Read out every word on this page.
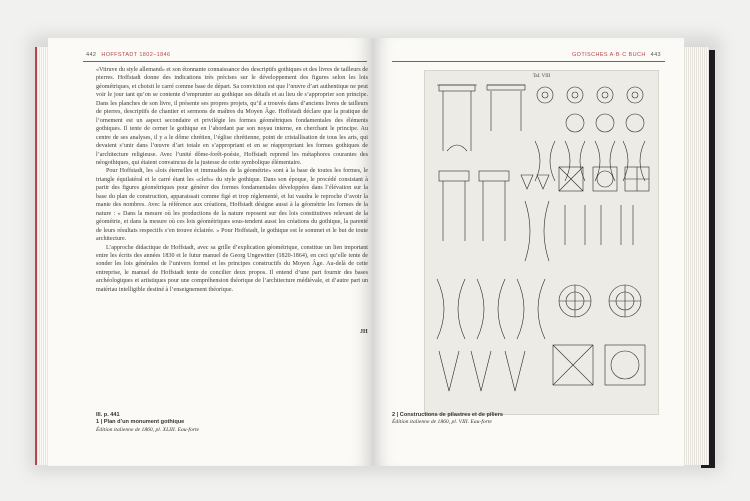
442 HOFFSTADT 1802–1846	GOTISCHES A·B·C BUCH 443

«Vitruve du style allemand» et son étonnante connaissance des descriptifs gothiques et des livres de tailleurs de pierres. Hoffstadt donne des indications très précises sur le développement des figures selon les lois géométriques, et choisit le carré comme base de départ. Sa conviction est que l’œuvre d’art authentique ne peut voir le jour tant qu’on se contente d’emprunter au gothique ses détails et au lieu de s’approprier son principe. Dans les planches de son livre, il présente ses propres projets, qu’il a trouvés dans d’anciens livres de tailleurs de pierres, descriptifs de chantier et sermons de maîtres du Moyen Âge. Hoffstadt déclare que la pratique de l’ornement est un aspect secondaire et privilégie les formes géométriques fondamentales des éléments gothiques. Il tente de cerner le gothique en l’abordant par son noyau interne, en cherchant le principe. Au centre de ses analyses, il y a le dôme chrétien, l’église chrétienne, point de cristallisation de tous les arts, qui devaient s’unir dans l’œuvre d’art totale en s’appropriant et en se réappropriant les formes gothiques de l’architecture religieuse. Avec l’unité dôme-forêt-poésie, Hoffstadt reprend les métaphores courantes des néogothiques, qui étaient convaincus de la justesse de cette symbolique élémentaire.

Pour Hoffstadt, les «lois éternelles et immuables de la géométrie» sont à la base de toutes les formes, le triangle équilatéral et le carré étant les «clefs» du style gothique. Dans son époque, le procédé consistant à partir des figures géométriques pour générer des formes fondamentales développées dans l’élévation sur la base du plan de construction, apparaissait comme figé et trop réglementé, et lui vaudra le reproche d’avoir la manie des nombres. Avec la référence aux créations, Hoffstadt désigne aussi à la géométrie les formes de la nature : « Dans la mesure où les productions de la nature reposent sur des lois constitutives relevant de la géométrie, et dans la mesure où ces lois géométriques sous-tendent aussi les créations du gothique, la parenté de leurs résultats respectifs s’en trouve éclairée. » Pour Hoffstadt, le gothique est le sommet et le but de toute architecture.

L’approche didactique de Hoffstadt, avec sa grille d’explication géométrique, constitue un lien important entre les écrits des années 1830 et le futur manuel de Georg Ungewitter (1820-1864), en ceci qu’elle tente de sonder les lois générales de l’univers formel et les principes constructifs du Moyen Âge. Au-delà de cette entreprise, le manuel de Hoffstadt tente de concilier deux propos. Il entend d’une part fournir des bases archéologiques et artistiques pour une compréhension théorique de l’architecture médiévale, et d’autre part un matériau intelligible destiné à l’enseignement théorique.

JH
Ill. p. 441
1 | Plan d’un monument gothique
Édition italienne de 1860, pl. XLIII. Eau-forte
Taf. VIII
2 | Constructions de pilastres et de piliers
Édition italienne de 1860, pl. VIII. Eau-forte
